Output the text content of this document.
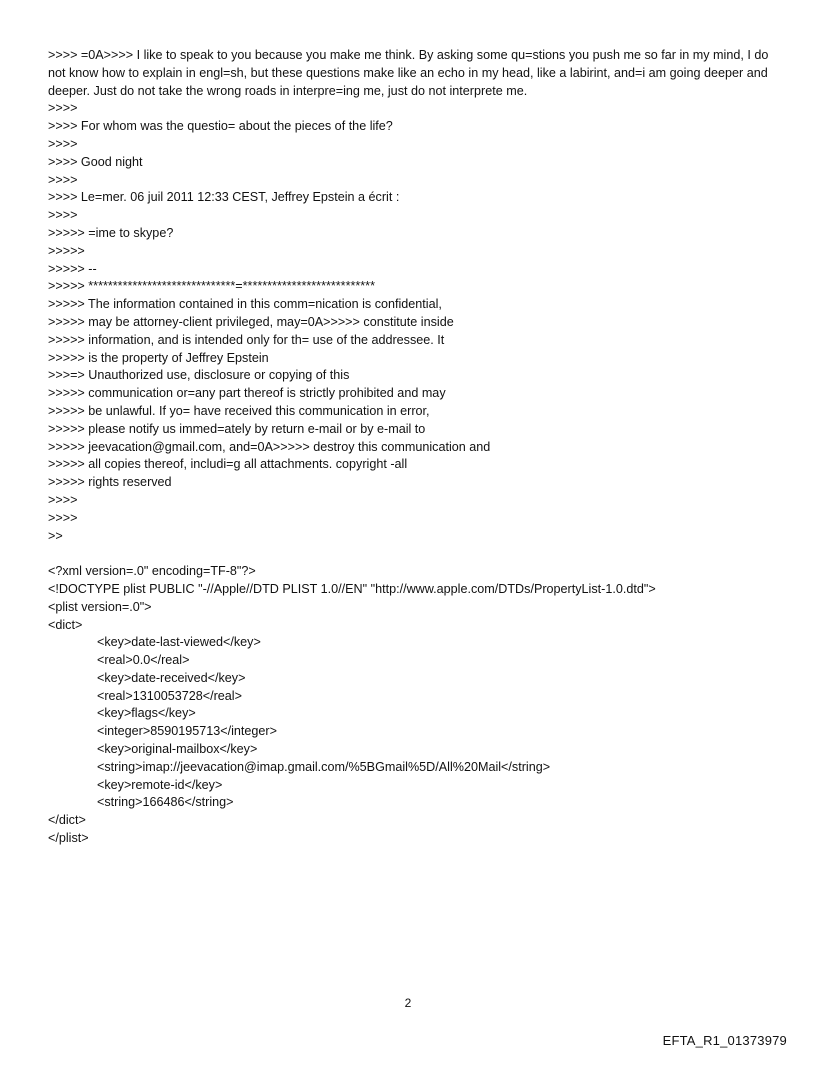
>>>> =0A>>>> I like to speak to you because you make me think. By asking some qu=stions you push me so far in my mind, I do not know how to explain in engl=sh, but these questions make like an echo in my head, like a labirint, and=i am going deeper and deeper. Just do not take the wrong roads in interpre=ing me, just do not interprete me.
>>>>
>>>> For whom was the questio= about the pieces of the life?
>>>>
>>>> Good night
>>>>
>>>> Le=mer. 06 juil 2011 12:33 CEST, Jeffrey Epstein a écrit :
>>>>
>>>>> =ime to skype?
>>>>>
>>>>> --
>>>>> ******************************=***************************
>>>>> The information contained in this comm=nication is confidential,
>>>>> may be attorney-client privileged, may=0A>>>>> constitute inside
>>>>> information, and is intended only for th= use of the addressee. It
>>>>> is the property of Jeffrey Epstein
>>>=> Unauthorized use, disclosure or copying of this
>>>>> communication or=any part thereof is strictly prohibited and may
>>>>> be unlawful. If yo= have received this communication in error,
>>>>> please notify us immed=ately by return e-mail or by e-mail to
>>>>> jeevacation@gmail.com, and=0A>>>>> destroy this communication and
>>>>> all copies thereof, includi=g all attachments. copyright -all
>>>>> rights reserved
>>>>
>>>>
>>
<?xml version=.0" encoding=TF-8"?>
<!DOCTYPE plist PUBLIC "-//Apple//DTD PLIST 1.0//EN" "http://www.apple.com/DTDs/PropertyList-1.0.dtd">
<plist version=.0">
<dict>
<key>date-last-viewed</key>
<real>0.0</real>
<key>date-received</key>
<real>1310053728</real>
<key>flags</key>
<integer>8590195713</integer>
<key>original-mailbox</key>
<string>imap://jeevacation@imap.gmail.com/%5BGmail%5D/All%20Mail</string>
<key>remote-id</key>
<string>166486</string>
</dict>
</plist>
2
EFTA_R1_01373979
